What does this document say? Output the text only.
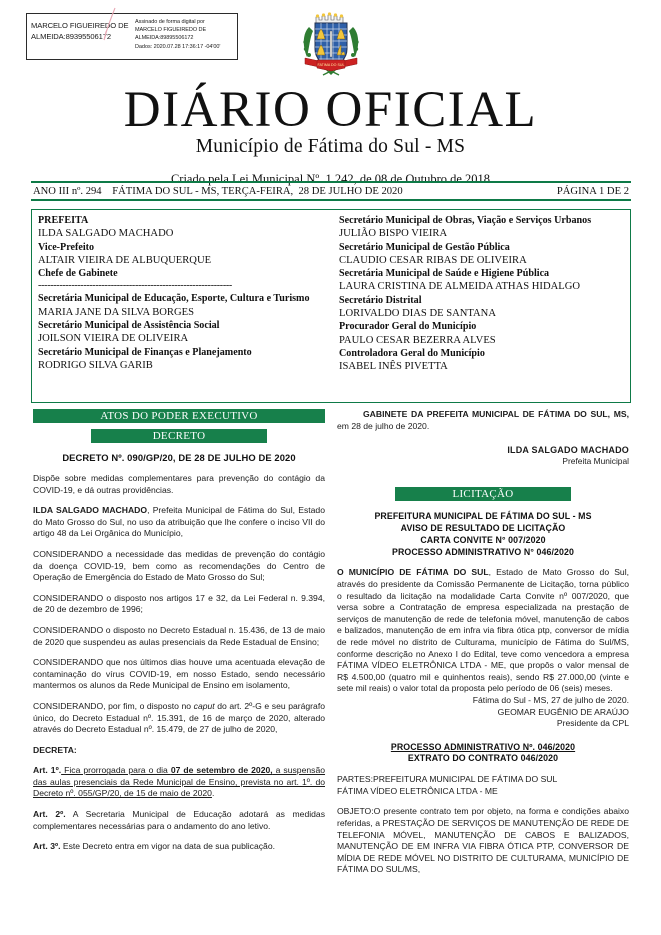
MARCELO FIGUEIREDO DE
ALMEIDA:89395506172
Assinado de forma digital por
MARCELO FIGUEIREDO DE
ALMEIDA:89895506172
Dados: 2020.07.28 17:36:17 -04'00'
FATIMA DO SUL
DIÁRIO OFICIAL
Município de Fátima do Sul - MS
Criado pela Lei Municipal Nº. 1.242, de 08 de Outubro de 2018
ANO III nº. 294    FÁTIMA DO SUL - MS, TERÇA-FEIRA,  28 DE JULHO DE 2020	PÁGINA 1 DE 2
PREFEITA
ILDA SALGADO MACHADO
Vice-Prefeito
ALTAIR VIEIRA DE ALBUQUERQUE
Chefe de Gabinete
----------------------------------------------------------------
Secretária Municipal de Educação, Esporte, Cultura e Turismo
MARIA JANE DA SILVA BORGES
Secretário Municipal de Assistência Social
JOILSON VIEIRA DE OLIVEIRA
Secretário Municipal de Finanças e Planejamento
RODRIGO SILVA GARIB
Secretário Municipal de Obras, Viação e Serviços Urbanos
JULIÃO BISPO VIEIRA
Secretário Municipal de Gestão Pública
CLAUDIO CESAR RIBAS DE OLIVEIRA
Secretária Municipal de Saúde e Higiene Pública
LAURA CRISTINA DE ALMEIDA ATHAS HIDALGO
Secretário Distrital
LORIVALDO DIAS DE SANTANA
Procurador Geral do Município
PAULO CESAR BEZERRA ALVES
Controladora Geral do Município
ISABEL INÊS PIVETTA
ATOS DO PODER EXECUTIVO
DECRETO
DECRETO Nº. 090/GP/20, DE 28 DE JULHO DE 2020

Dispõe sobre medidas complementares para prevenção do contágio da COVID-19, e dá outras providências.

ILDA SALGADO MACHADO, Prefeita Municipal de Fátima do Sul, Estado do Mato Grosso do Sul, no uso da atribuição que lhe confere o inciso VII do artigo 48 da Lei Orgânica do Município,

CONSIDERANDO a necessidade das medidas de prevenção do contágio da doença COVID-19, bem como as recomendações do Centro de Operação de Emergência do Estado de Mato Grosso do Sul;

CONSIDERANDO o disposto nos artigos 17 e 32, da Lei Federal n. 9.394, de 20 de dezembro de 1996;

CONSIDERANDO o disposto no Decreto Estadual n. 15.436, de 13 de maio de 2020 que suspendeu as aulas presenciais da Rede Estadual de Ensino;

CONSIDERANDO que nos últimos dias houve uma acentuada elevação de contaminação do vírus COVID-19, em nosso Estado, sendo necessário mantermos os alunos da Rede Municipal de Ensino em isolamento,

CONSIDERANDO, por fim, o disposto no caput do art. 2º-G e seu parágrafo único, do Decreto Estadual nº. 15.391, de 16 de março de 2020, alterado através do Decreto Estadual nº. 15.479, de 27 de julho de 2020,

DECRETA:

Art. 1º. Fica prorrogada para o dia 07 de setembro de 2020, a suspensão das aulas presenciais da Rede Municipal de Ensino, prevista no art. 1º. do Decreto nº. 055/GP/20, de 15 de maio de 2020.

Art. 2º. A Secretaria Municipal de Educação adotará as medidas complementares necessárias para o andamento do ano letivo.

Art. 3º. Este Decreto entra em vigor na data de sua publicação.

GABINETE DA PREFEITA MUNICIPAL DE FÁTIMA DO SUL, MS, em 28 de julho de 2020.

ILDA SALGADO MACHADO
Prefeita Municipal
LICITAÇÃO
PREFEITURA MUNICIPAL DE FÁTIMA DO SUL - MS
AVISO DE RESULTADO DE LICITAÇÃO
CARTA CONVITE N° 007/2020
PROCESSO ADMINISTRATIVO N° 046/2020

O MUNICÍPIO DE FÁTIMA DO SUL, Estado de Mato Grosso do Sul, através do presidente da Comissão Permanente de Licitação, torna público o resultado da licitação na modalidade Carta Convite nº 007/2020, que versa sobre a Contratação de empresa especializada na prestação de serviços de manutenção de rede de telefonia móvel, manutenção de cabos e balizados, manutenção de em infra via fibra ótica ptp, conversor de mídia de rede móvel no distrito de Culturama, município de Fátima do Sul/MS, conforme descrição no Anexo I do Edital, teve como vencedora a empresa FÁTIMA VÍDEO ELETRÔNICA LTDA - ME, que propôs o valor mensal de R$ 4.500,00 (quatro mil e quinhentos reais), sendo R$ 27.000,00 (vinte e sete mil reais) o valor total da proposta pelo período de 06 (seis) meses.

Fátima do Sul - MS, 27 de julho de 2020.
GEOMAR EUGÊNIO DE ARAÚJO
Presidente da CPL
PROCESSO ADMINISTRATIVO Nº. 046/2020
EXTRATO DO CONTRATO 046/2020

PARTES:PREFEITURA MUNICIPAL DE FÁTIMA DO SUL

FÁTIMA VÍDEO ELETRÔNICA LTDA - ME

OBJETO:O presente contrato tem por objeto, na forma e condições abaixo referidas, a PRESTAÇÃO DE SERVIÇOS DE MANUTENÇÃO DE REDE DE TELEFONIA MÓVEL, MANUTENÇÃO DE CABOS E BALIZADOS, MANUTENÇÃO DE EM INFRA VIA FIBRA ÓTICA PTP, CONVERSOR DE MÍDIA DE REDE MÓVEL NO DISTRITO DE CULTURAMA, MUNICÍPIO DE FÁTIMA DO SUL/MS,
